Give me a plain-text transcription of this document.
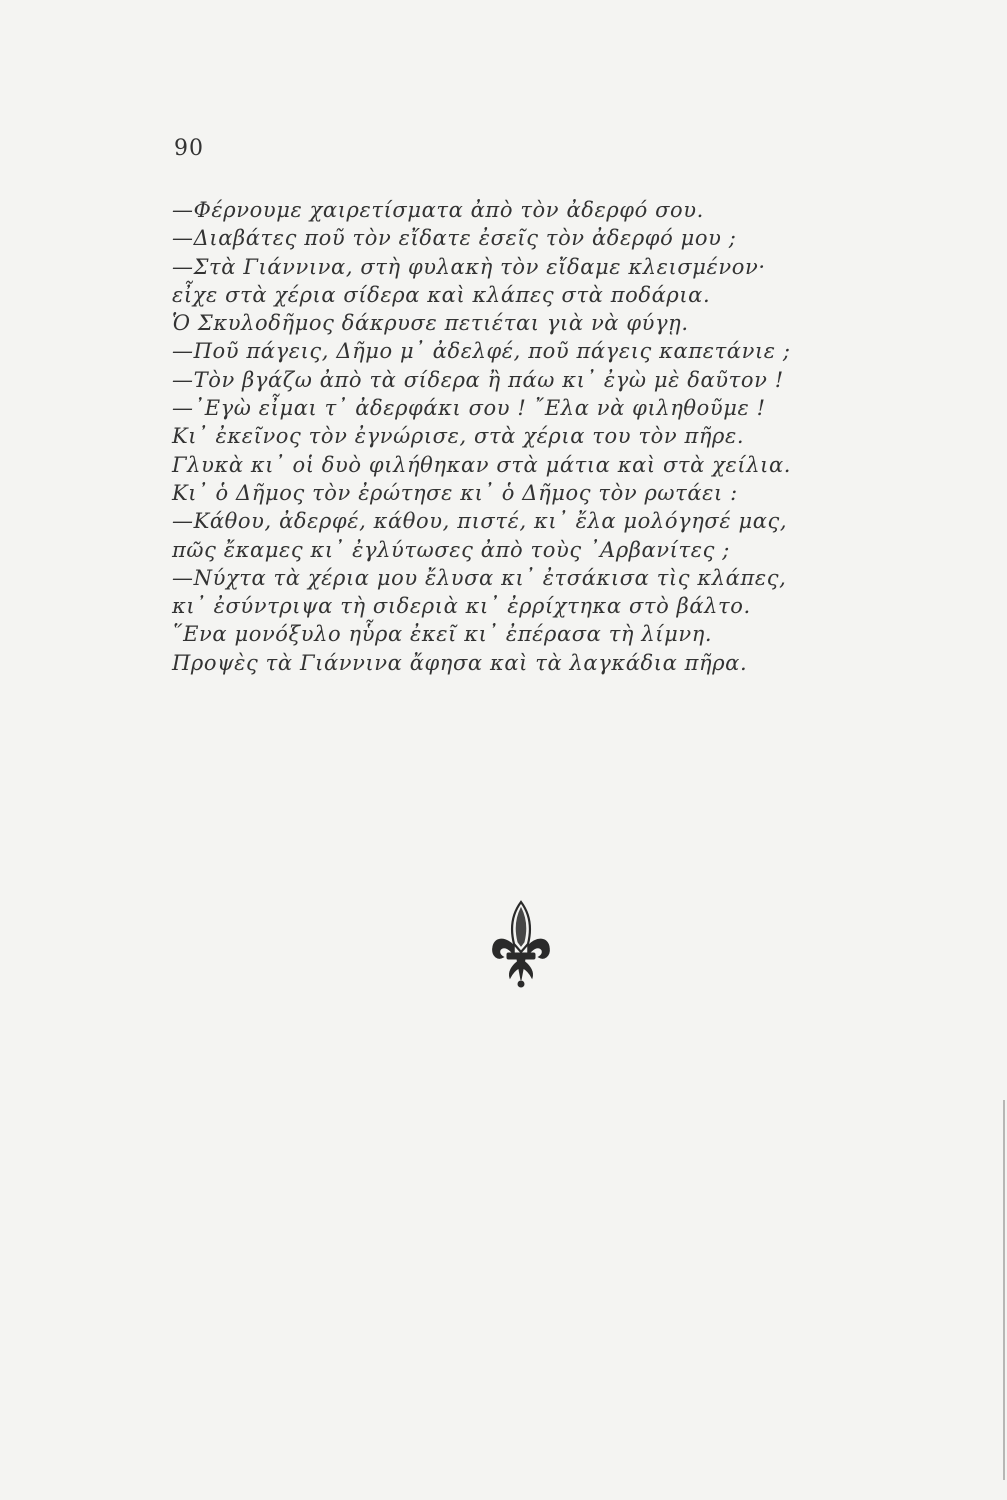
90
—Φέρνουμε χαιρετίσματα ἀπὸ τὸν ἀδερφό σου.
—Διαβάτες ποῦ τὸν εἴδατε ἐσεῖς τὸν ἀδερφό μου ;
—Στὰ Γιάννινα, στὴ φυλακὴ τὸν εἴδαμε κλεισμένον·
εἶχε στὰ χέρια σίδερα καὶ κλάπες στὰ ποδάρια.
Ὁ Σκυλοδῆμος δάκρυσε πετιέται γιὰ νὰ φύγῃ.
—Ποῦ πάγεις, Δῆμο μ᾽ ἀδελφέ, ποῦ πάγεις καπετάνιε ;
—Τὸν βγάζω ἀπὸ τὰ σίδερα ἢ πάω κι᾽ ἐγὼ μὲ δαῦτον !
—᾽Εγὼ εἶμαι τ᾽ ἀδερφάκι σου ! ῎Ελα νὰ φιληθοῦμε !
Κι᾽ ἐκεῖνος τὸν ἐγνώρισε, στὰ χέρια του τὸν πῆρε.
Γλυκὰ κι᾽ οἱ δυὸ φιλήθηκαν στὰ μάτια καὶ στὰ χείλια.
Κι᾽ ὁ Δῆμος τὸν ἐρώτησε κι᾽ ὁ Δῆμος τὸν ρωτάει :
—Κάθου, ἀδερφέ, κάθου, πιστέ, κι᾽ ἔλα μολόγησέ μας,
πῶς ἔκαμες κι᾽ ἐγλύτωσες ἀπὸ τοὺς ᾽Αρβανίτες ;
—Νύχτα τὰ χέρια μου ἔλυσα κι᾽ ἐτσάκισα τὶς κλάπες,
κι᾽ ἐσύντριψα τὴ σιδεριὰ κι᾽ ἐρρίχτηκα στὸ βάλτο.
῞Ενα μονόξυλο ηὗρα ἐκεῖ κι᾽ ἐπέρασα τὴ λίμνη.
Προψὲς τὰ Γιάννινα ἄφησα καὶ τὰ λαγκάδια πῆρα.
